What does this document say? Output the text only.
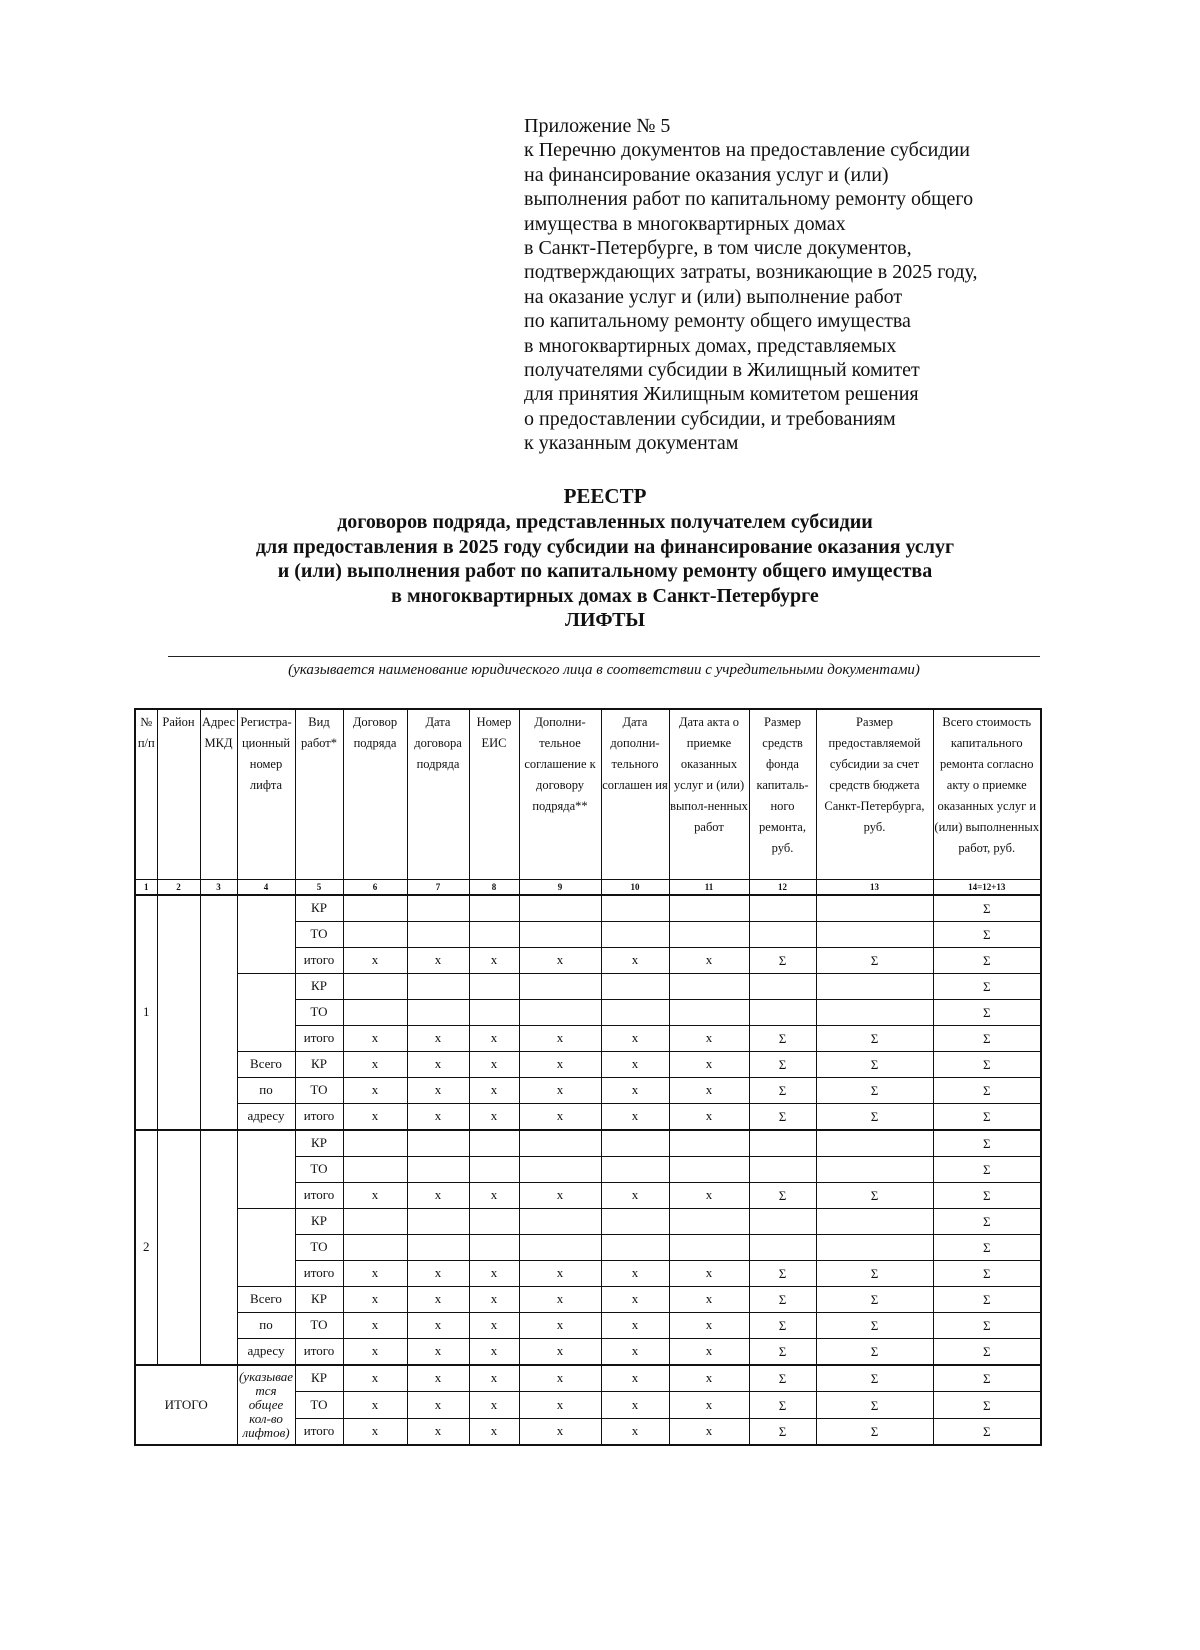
Приложение № 5
к Перечню документов на предоставление субсидии
на финансирование оказания услуг и (или)
выполнения работ по капитальному ремонту общего
имущества в многоквартирных домах
в Санкт-Петербурге, в том числе документов,
подтверждающих затраты, возникающие в 2025 году,
на оказание услуг и (или) выполнение работ
по капитальному ремонту общего имущества
в многоквартирных домах, представляемых
получателями субсидии в Жилищный комитет
для принятия Жилищным комитетом решения
о предоставлении субсидии, и требованиям
к указанным документам
РЕЕСТР
договоров подряда, представленных получателем субсидии
для предоставления в 2025 году субсидии на финансирование оказания услуг
и (или) выполнения работ по капитальному ремонту общего имущества
в многоквартирных домах в Санкт-Петербурге
ЛИФТЫ
(указывается наименование юридического лица в соответствии с учредительными документами)
№ п/п	Район	Адрес МКД	Регистра-ционный номер лифта	Вид работ*	Договор подряда	Дата договора подряда	Номер ЕИС	Дополни-тельное соглашение к договору подряда**	Дата дополни-тельного соглашен ия	Дата акта о приемке оказанных услуг и (или) выпол-ненных работ	Размер средств фонда капиталь-ного ремонта, руб.	Размер предоставляемой субсидии за счет средств бюджета Санкт-Петербурга, руб.	Всего стоимость капитального ремонта согласно акту о приемке оказанных услуг и (или) выполненных работ, руб.
1	2	3	4	5	6	7	8	9	10	11	12	13	14=12+13
1				КР									Σ
				ТО									Σ
				итого	х	х	х	х	х	х	Σ	Σ	Σ
				КР									Σ
				ТО									Σ
				итого	х	х	х	х	х	х	Σ	Σ	Σ
			Всего	КР	х	х	х	х	х	х	Σ	Σ	Σ
			по	ТО	х	х	х	х	х	х	Σ	Σ	Σ
			адресу	итого	х	х	х	х	х	х	Σ	Σ	Σ
2				КР									Σ
				ТО									Σ
				итого	х	х	х	х	х	х	Σ	Σ	Σ
				КР									Σ
				ТО									Σ
				итого	х	х	х	х	х	х	Σ	Σ	Σ
			Всего	КР	х	х	х	х	х	х	Σ	Σ	Σ
			по	ТО	х	х	х	х	х	х	Σ	Σ	Σ
			адресу	итого	х	х	х	х	х	х	Σ	Σ	Σ
ИТОГО			(указывае тся общее кол-во лифтов)	КР	х	х	х	х	х	х	Σ	Σ	Σ
				ТО	х	х	х	х	х	х	Σ	Σ	Σ
				итого	х	х	х	х	х	х	Σ	Σ	Σ
